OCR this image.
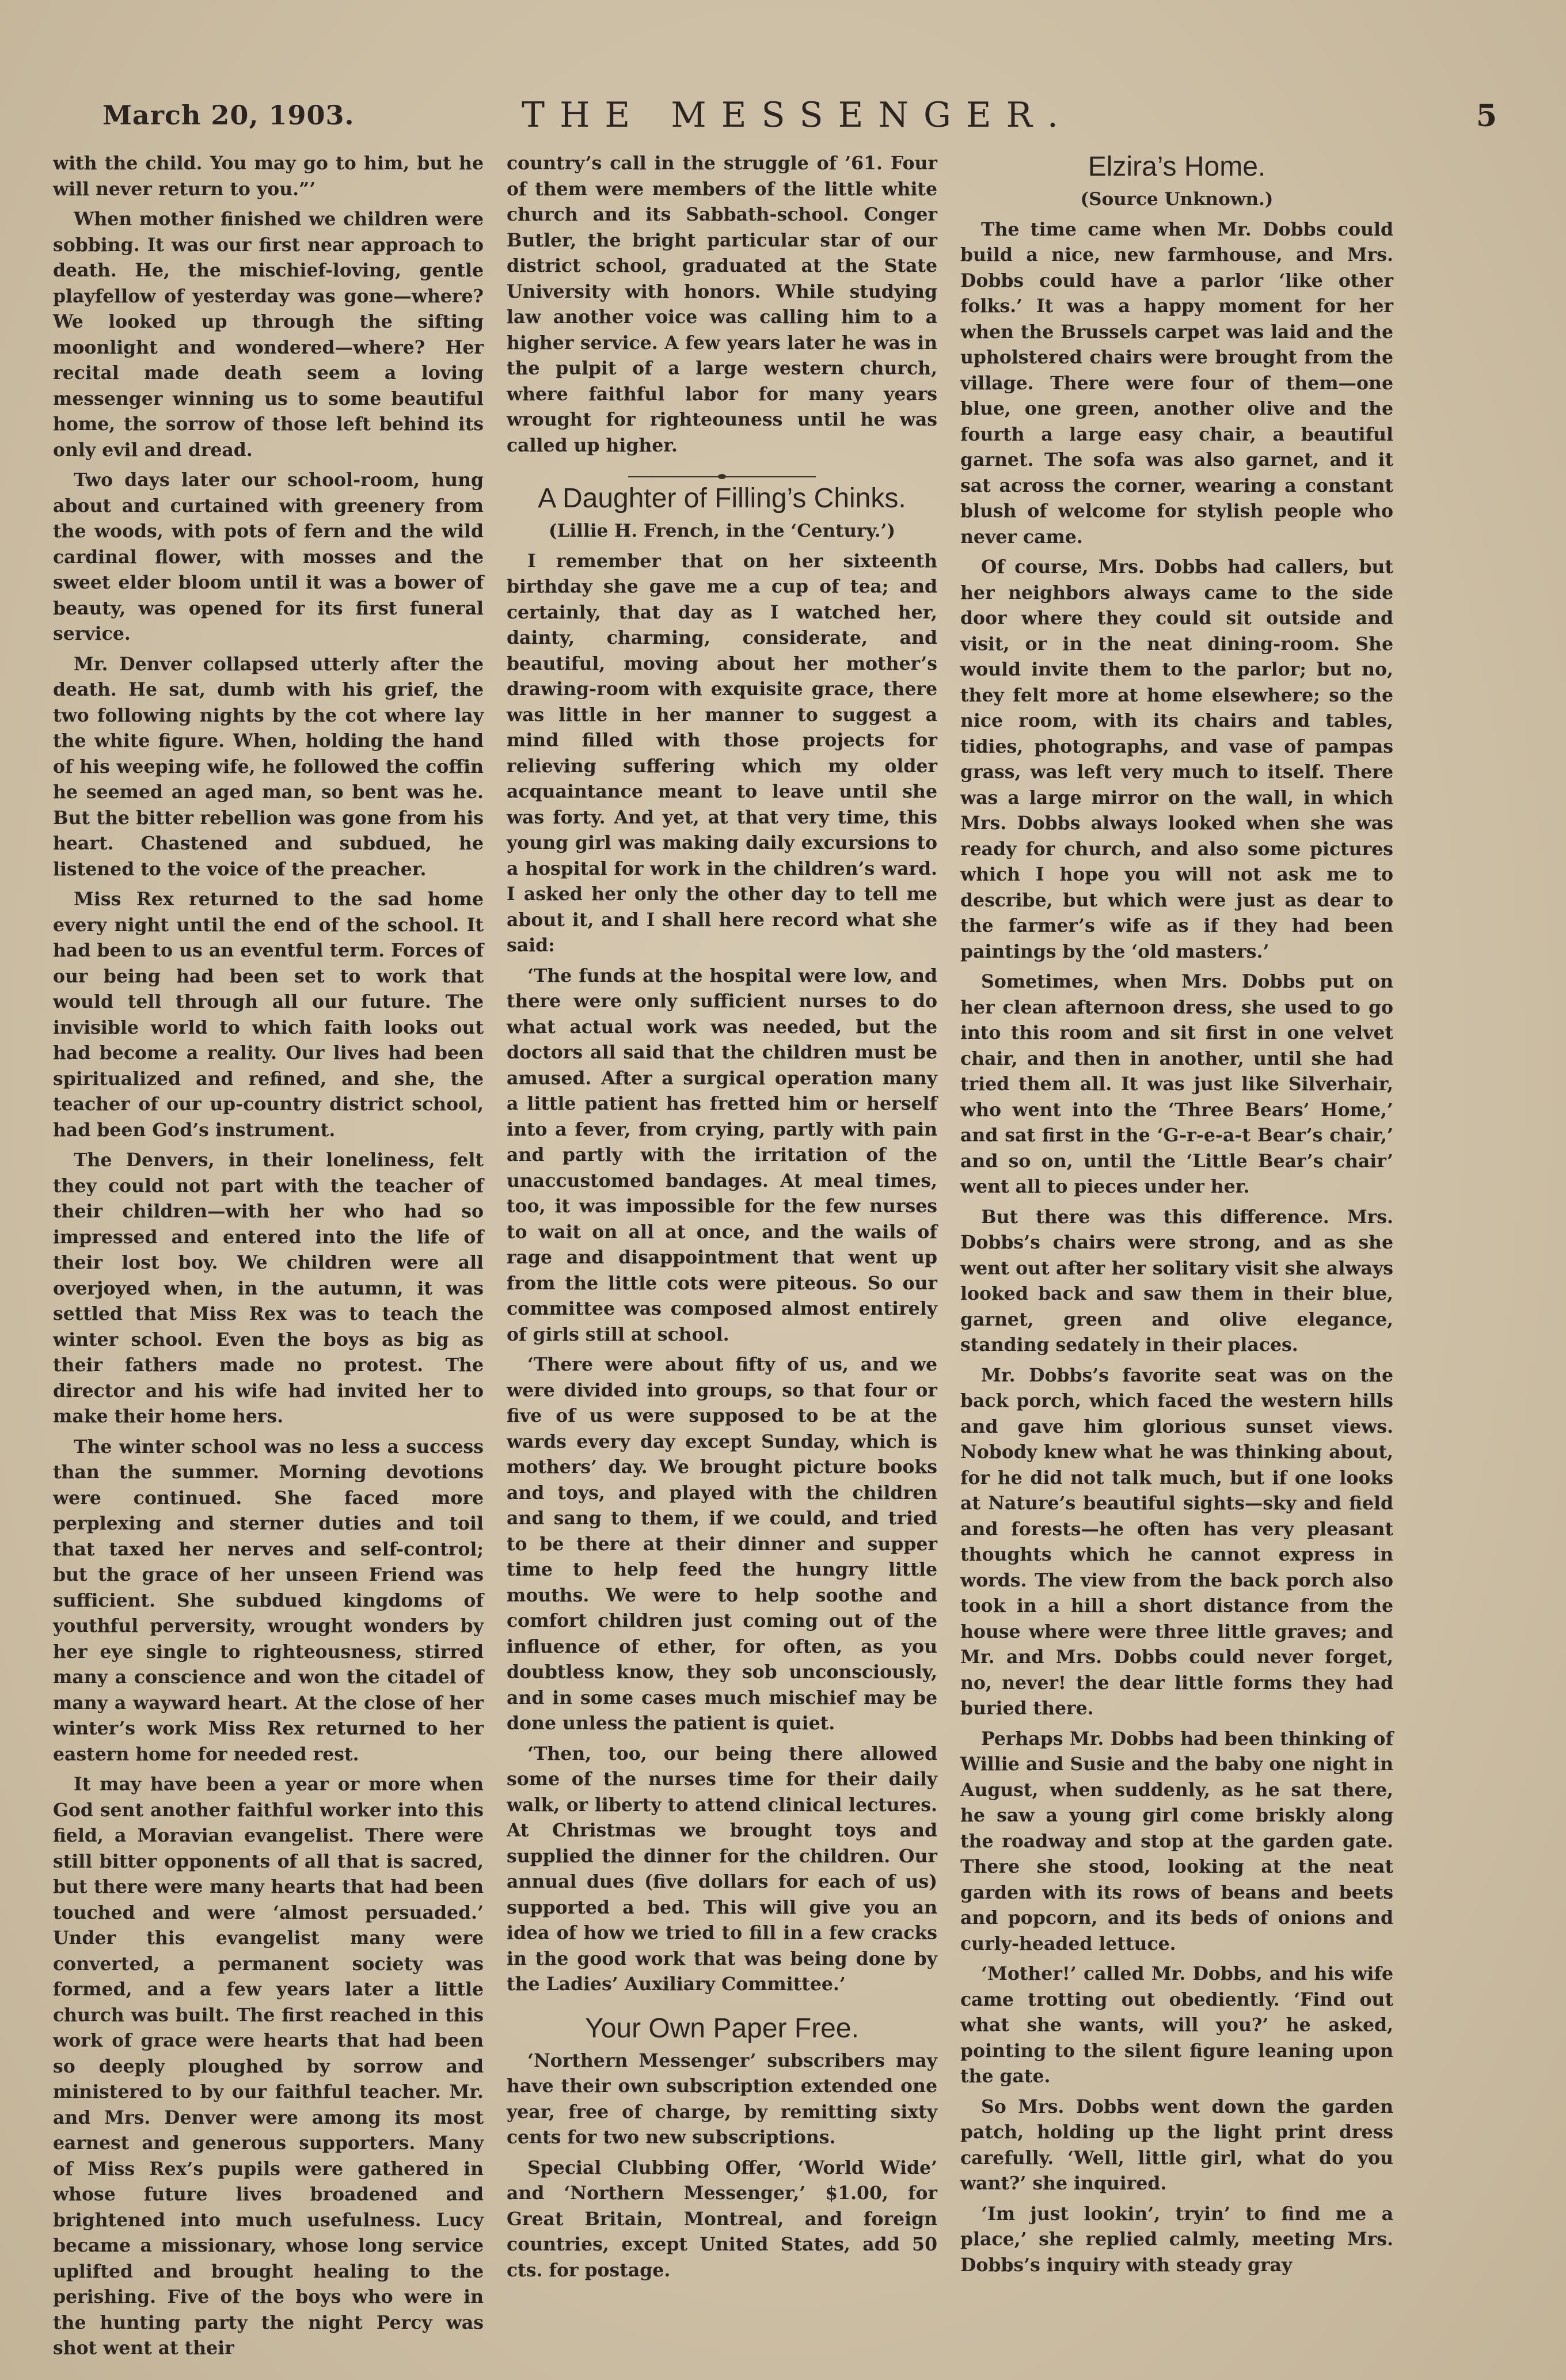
March 20, 1903.	THE MESSENGER.	5

with the child. You may go to him, but he will never return to you.”’

When mother finished we children were sobbing. It was our first near approach to death. He, the mischief-loving, gentle playfellow of yesterday was gone—where? We looked up through the sifting moonlight and wondered—where? Her recital made death seem a loving messenger winning us to some beautiful home, the sorrow of those left behind its only evil and dread.

Two days later our school-room, hung about and curtained with greenery from the woods, with pots of fern and the wild cardinal flower, with mosses and the sweet elder bloom until it was a bower of beauty, was opened for its first funeral service.

Mr. Denver collapsed utterly after the death. He sat, dumb with his grief, the two following nights by the cot where lay the white figure. When, holding the hand of his weeping wife, he followed the coffin he seemed an aged man, so bent was he. But the bitter rebellion was gone from his heart. Chastened and subdued, he listened to the voice of the preacher.

Miss Rex returned to the sad home every night until the end of the school. It had been to us an eventful term. Forces of our being had been set to work that would tell through all our future. The invisible world to which faith looks out had become a reality. Our lives had been spiritualized and refined, and she, the teacher of our up-country district school, had been God’s instrument.

The Denvers, in their loneliness, felt they could not part with the teacher of their children—with her who had so impressed and entered into the life of their lost boy. We children were all overjoyed when, in the autumn, it was settled that Miss Rex was to teach the winter school. Even the boys as big as their fathers made no protest. The director and his wife had invited her to make their home hers.

The winter school was no less a success than the summer. Morning devotions were continued. She faced more perplexing and sterner duties and toil that taxed her nerves and self-control; but the grace of her unseen Friend was sufficient. She subdued kingdoms of youthful perversity, wrought wonders by her eye single to righteousness, stirred many a conscience and won the citadel of many a wayward heart. At the close of her winter’s work Miss Rex returned to her eastern home for needed rest.

It may have been a year or more when God sent another faithful worker into this field, a Moravian evangelist. There were still bitter opponents of all that is sacred, but there were many hearts that had been touched and were ‘almost persuaded.’ Under this evangelist many were converted, a permanent society was formed, and a few years later a little church was built. The first reached in this work of grace were hearts that had been so deeply ploughed by sorrow and ministered to by our faithful teacher. Mr. and Mrs. Denver were among its most earnest and generous supporters. Many of Miss Rex’s pupils were gathered in whose future lives broadened and brightened into much usefulness. Lucy became a missionary, whose long service uplifted and brought healing to the perishing. Five of the boys who were in the hunting party the night Percy was shot went at their

country’s call in the struggle of ’61. Four of them were members of the little white church and its Sabbath-school. Conger Butler, the bright particular star of our district school, graduated at the State University with honors. While studying law another voice was calling him to a higher service. A few years later he was in the pulpit of a large western church, where faithful labor for many years wrought for righteouness until he was called up higher.

A Daughter of Filling’s Chinks.
(Lillie H. French, in the ‘Century.’)

I remember that on her sixteenth birthday she gave me a cup of tea; and certainly, that day as I watched her, dainty, charming, considerate, and beautiful, moving about her mother’s drawing-room with exquisite grace, there was little in her manner to suggest a mind filled with those projects for relieving suffering which my older acquaintance meant to leave until she was forty. And yet, at that very time, this young girl was making daily excursions to a hospital for work in the children’s ward. I asked her only the other day to tell me about it, and I shall here record what she said:

‘The funds at the hospital were low, and there were only sufficient nurses to do what actual work was needed, but the doctors all said that the children must be amused. After a surgical operation many a little patient has fretted him or herself into a fever, from crying, partly with pain and partly with the irritation of the unaccustomed bandages. At meal times, too, it was impossible for the few nurses to wait on all at once, and the wails of rage and disappointment that went up from the little cots were piteous. So our committee was composed almost entirely of girls still at school.

‘There were about fifty of us, and we were divided into groups, so that four or five of us were supposed to be at the wards every day except Sunday, which is mothers’ day. We brought picture books and toys, and played with the children and sang to them, if we could, and tried to be there at their dinner and supper time to help feed the hungry little mouths. We were to help soothe and comfort children just coming out of the influence of ether, for often, as you doubtless know, they sob unconsciously, and in some cases much mischief may be done unless the patient is quiet.

‘Then, too, our being there allowed some of the nurses time for their daily walk, or liberty to attend clinical lectures. At Christmas we brought toys and supplied the dinner for the children. Our annual dues (five dollars for each of us) supported a bed. This will give you an idea of how we tried to fill in a few cracks in the good work that was being done by the Ladies’ Auxiliary Committee.’

Your Own Paper Free.

‘Northern Messenger’ subscribers may have their own subscription extended one year, free of charge, by remitting sixty cents for two new subscriptions.

Special Clubbing Offer, ‘World Wide’ and ‘Northern Messenger,’ $1.00, for Great Britain, Montreal, and foreign countries, except United States, add 50 cts. for postage.

Elzira’s Home.
(Source Unknown.)

The time came when Mr. Dobbs could build a nice, new farmhouse, and Mrs. Dobbs could have a parlor ‘like other folks.’ It was a happy moment for her when the Brussels carpet was laid and the upholstered chairs were brought from the village. There were four of them—one blue, one green, another olive and the fourth a large easy chair, a beautiful garnet. The sofa was also garnet, and it sat across the corner, wearing a constant blush of welcome for stylish people who never came.

Of course, Mrs. Dobbs had callers, but her neighbors always came to the side door where they could sit outside and visit, or in the neat dining-room. She would invite them to the parlor; but no, they felt more at home elsewhere; so the nice room, with its chairs and tables, tidies, photographs, and vase of pampas grass, was left very much to itself. There was a large mirror on the wall, in which Mrs. Dobbs always looked when she was ready for church, and also some pictures which I hope you will not ask me to describe, but which were just as dear to the farmer’s wife as if they had been paintings by the ‘old masters.’

Sometimes, when Mrs. Dobbs put on her clean afternoon dress, she used to go into this room and sit first in one velvet chair, and then in another, until she had tried them all. It was just like Silverhair, who went into the ‘Three Bears’ Home,’ and sat first in the ‘G-r-e-a-t Bear’s chair,’ and so on, until the ‘Little Bear’s chair’ went all to pieces under her.

But there was this difference. Mrs. Dobbs’s chairs were strong, and as she went out after her solitary visit she always looked back and saw them in their blue, garnet, green and olive elegance, standing sedately in their places.

Mr. Dobbs’s favorite seat was on the back porch, which faced the western hills and gave him glorious sunset views. Nobody knew what he was thinking about, for he did not talk much, but if one looks at Nature’s beautiful sights—sky and field and forests—he often has very pleasant thoughts which he cannot express in words. The view from the back porch also took in a hill a short distance from the house where were three little graves; and Mr. and Mrs. Dobbs could never forget, no, never! the dear little forms they had buried there.

Perhaps Mr. Dobbs had been thinking of Willie and Susie and the baby one night in August, when suddenly, as he sat there, he saw a young girl come briskly along the roadway and stop at the garden gate. There she stood, looking at the neat garden with its rows of beans and beets and popcorn, and its beds of onions and curly-headed lettuce.

‘Mother!’ called Mr. Dobbs, and his wife came trotting out obediently. ‘Find out what she wants, will you?’ he asked, pointing to the silent figure leaning upon the gate.

So Mrs. Dobbs went down the garden patch, holding up the light print dress carefully. ‘Well, little girl, what do you want?’ she inquired.

‘Im just lookin’, tryin’ to find me a place,’ she replied calmly, meeting Mrs. Dobbs’s inquiry with steady gray
